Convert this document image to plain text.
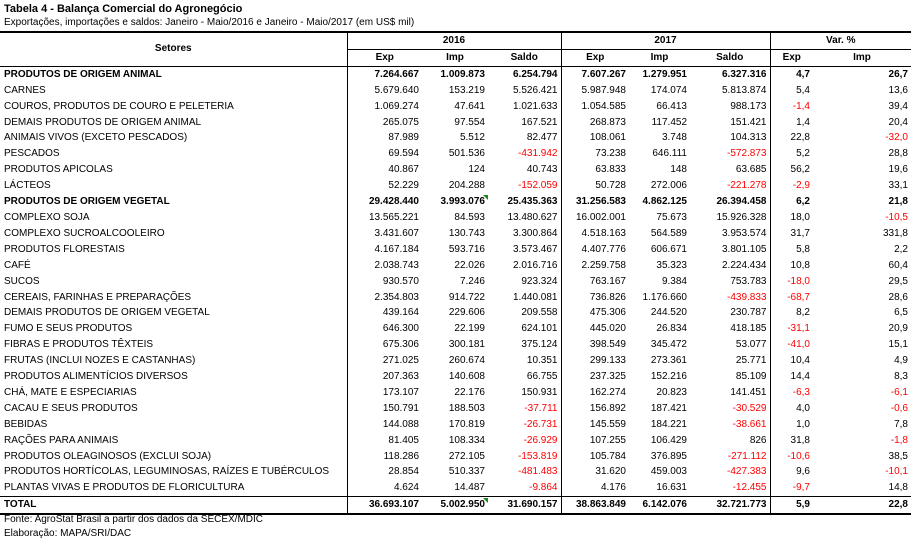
Tabela 4 - Balança Comercial do Agronegócio
Exportações, importações e saldos: Janeiro - Maio/2016 e Janeiro - Maio/2017 (em US$ mil)
Setores	2016			2017			Var. %	
	Exp	Imp	Saldo	Exp	Imp	Saldo	Exp	Imp
PRODUTOS DE ORIGEM ANIMAL	7.264.667	1.009.873	6.254.794	7.607.267	1.279.951	6.327.316	4,7	26,7
CARNES	5.679.640	153.219	5.526.421	5.987.948	174.074	5.813.874	5,4	13,6
COUROS, PRODUTOS DE COURO E PELETERIA	1.069.274	47.641	1.021.633	1.054.585	66.413	988.173	-1,4	39,4
DEMAIS PRODUTOS DE ORIGEM ANIMAL	265.075	97.554	167.521	268.873	117.452	151.421	1,4	20,4
ANIMAIS VIVOS (EXCETO PESCADOS)	87.989	5.512	82.477	108.061	3.748	104.313	22,8	-32,0
PESCADOS	69.594	501.536	-431.942	73.238	646.111	-572.873	5,2	28,8
PRODUTOS APICOLAS	40.867	124	40.743	63.833	148	63.685	56,2	19,6
LÁCTEOS	52.229	204.288	-152.059	50.728	272.006	-221.278	-2,9	33,1
PRODUTOS DE ORIGEM VEGETAL	29.428.440	3.993.076	25.435.363	31.256.583	4.862.125	26.394.458	6,2	21,8
COMPLEXO SOJA	13.565.221	84.593	13.480.627	16.002.001	75.673	15.926.328	18,0	-10,5
COMPLEXO SUCROALCOOLEIRO	3.431.607	130.743	3.300.864	4.518.163	564.589	3.953.574	31,7	331,8
PRODUTOS FLORESTAIS	4.167.184	593.716	3.573.467	4.407.776	606.671	3.801.105	5,8	2,2
CAFÉ	2.038.743	22.026	2.016.716	2.259.758	35.323	2.224.434	10,8	60,4
SUCOS	930.570	7.246	923.324	763.167	9.384	753.783	-18,0	29,5
CEREAIS, FARINHAS E PREPARAÇÕES	2.354.803	914.722	1.440.081	736.826	1.176.660	-439.833	-68,7	28,6
DEMAIS PRODUTOS DE ORIGEM VEGETAL	439.164	229.606	209.558	475.306	244.520	230.787	8,2	6,5
FUMO E SEUS PRODUTOS	646.300	22.199	624.101	445.020	26.834	418.185	-31,1	20,9
FIBRAS E PRODUTOS TÊXTEIS	675.306	300.181	375.124	398.549	345.472	53.077	-41,0	15,1
FRUTAS (INCLUI NOZES E CASTANHAS)	271.025	260.674	10.351	299.133	273.361	25.771	10,4	4,9
PRODUTOS ALIMENTÍCIOS DIVERSOS	207.363	140.608	66.755	237.325	152.216	85.109	14,4	8,3
CHÁ, MATE E ESPECIARIAS	173.107	22.176	150.931	162.274	20.823	141.451	-6,3	-6,1
CACAU E SEUS PRODUTOS	150.791	188.503	-37.711	156.892	187.421	-30.529	4,0	-0,6
BEBIDAS	144.088	170.819	-26.731	145.559	184.221	-38.661	1,0	7,8
RAÇÕES PARA ANIMAIS	81.405	108.334	-26.929	107.255	106.429	826	31,8	-1,8
PRODUTOS OLEAGINOSOS (EXCLUI SOJA)	118.286	272.105	-153.819	105.784	376.895	-271.112	-10,6	38,5
PRODUTOS HORTÍCOLAS, LEGUMINOSAS, RAÍZES E TUBÉRCULOS	28.854	510.337	-481.483	31.620	459.003	-427.383	9,6	-10,1
PLANTAS VIVAS E PRODUTOS DE FLORICULTURA	4.624	14.487	-9.864	4.176	16.631	-12.455	-9,7	14,8
TOTAL	36.693.107	5.002.950	31.690.157	38.863.849	6.142.076	32.721.773	5,9	22,8
Fonte: AgroStat Brasil a partir dos dados da SECEX/MDIC
Elaboração: MAPA/SRI/DAC
